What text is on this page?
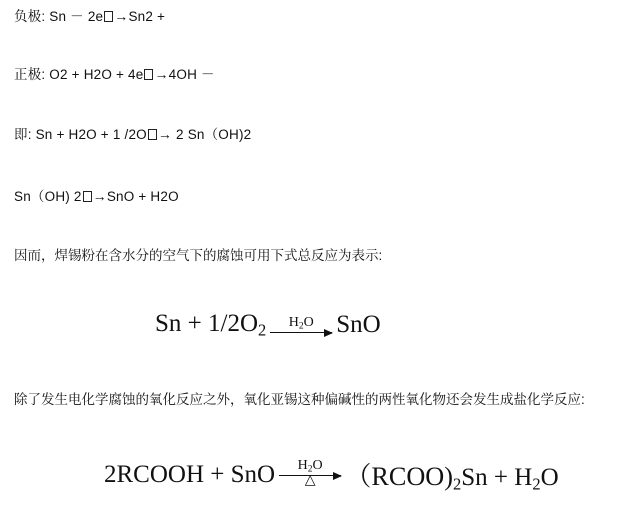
负极: Sn － 2e →Sn2 +
正极: O2 + H2O + 4e →4OH －
即: Sn + H2O + 1 /2O → 2 Sn（OH)2
Sn（OH) 2 →SnO + H2O
因而，焊锡粉在含水分的空气下的腐蚀可用下式总反应为表示:
$Sn + 1/2O_2$ $H_2O$ SnO
除了发生电化学腐蚀的氧化反应之外，氧化亚锡这种偏碱性的两性氧化物还会发生成盐化学反应:
2RCOOH + SnO $H_2O$
△ $(RCOO)_2Sn + H_2O$
